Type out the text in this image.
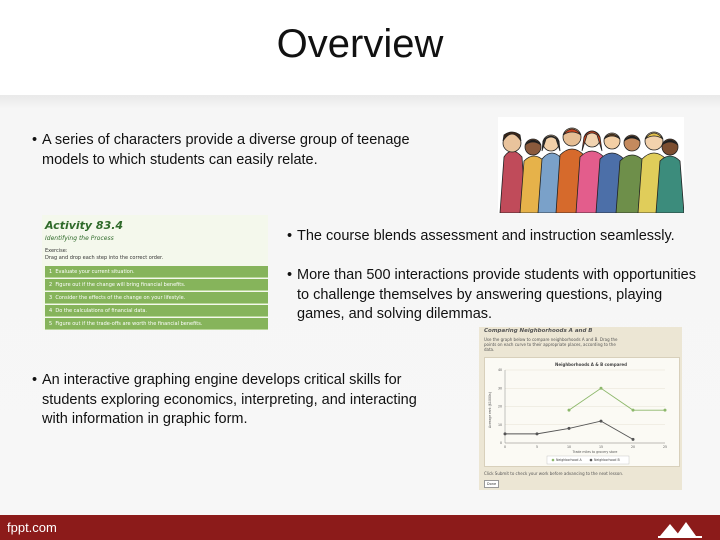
Overview
• A series of characters provide a diverse group of teenage models to which students can easily relate.
Activity 83.4
Identifying the Process
Exercise:
Drag and drop each step into the correct order.
1 Evaluate your current situation.
2 Figure out if the change will bring financial benefits.
3 Consider the effects of the change on your lifestyle.
4 Do the calculations of financial data.
5 Figure out if the trade-offs are worth the financial benefits.
• The course blends assessment and instruction seamlessly.
• More than 500 interactions provide students with opportunities to challenge themselves by answering questions, playing games, and solving dilemmas.
• An interactive graphing engine develops critical skills for students exploring economics, interpreting, and interacting with information in graphic form.
Comparing Neighborhoods A and B
Use the graph below to compare neighborhoods A and B. Drag the points on each curve to their appropriate places, according to the data.
Neighborhoods A & B compared
Average rent ($1000s)
Trade miles to grocery store
0
10
20
30
40
0	5	10	15	20	25
Neighborhood A	Neighborhood B
Click Submit to check your work before advancing to the next lesson.
Done
fppt.com
